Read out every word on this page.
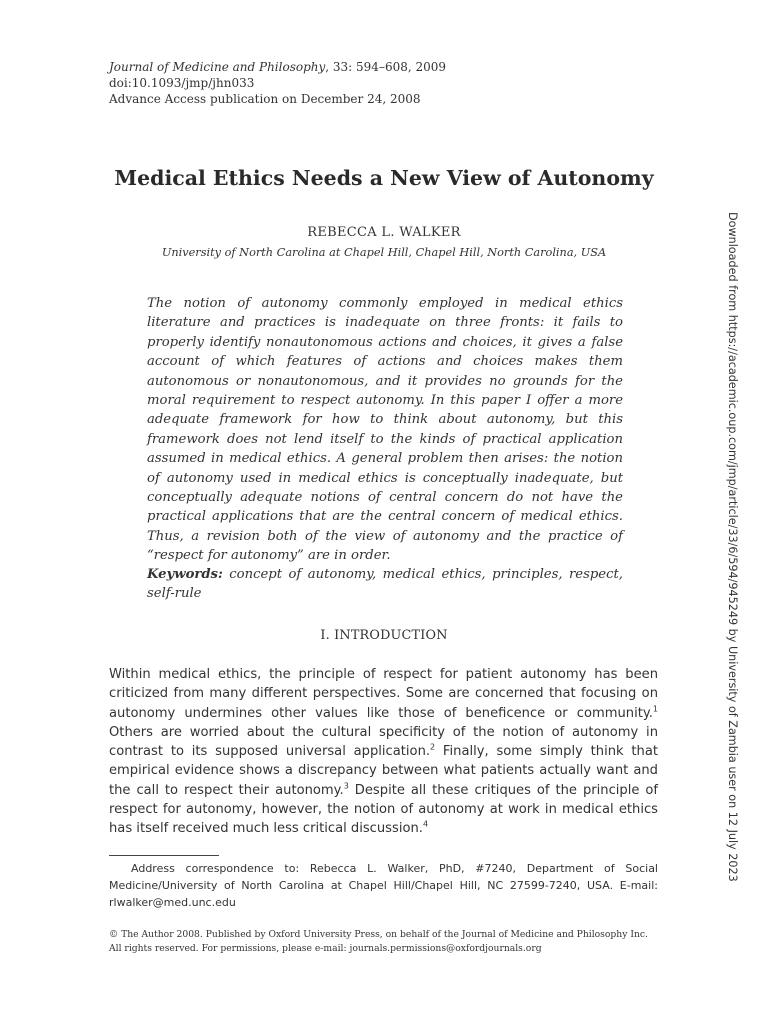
Journal of Medicine and Philosophy, 33: 594–608, 2009
doi:10.1093/jmp/jhn033
Advance Access publication on December 24, 2008
Medical Ethics Needs a New View of Autonomy
REBECCA L. WALKER
University of North Carolina at Chapel Hill, Chapel Hill, North Carolina, USA
The notion of autonomy commonly employed in medical ethics literature and practices is inadequate on three fronts: it fails to properly identify nonautonomous actions and choices, it gives a false account of which features of actions and choices makes them autonomous or nonautonomous, and it provides no grounds for the moral requirement to respect autonomy. In this paper I offer a more adequate framework for how to think about autonomy, but this framework does not lend itself to the kinds of practical application assumed in medical ethics. A general problem then arises: the notion of autonomy used in medical ethics is conceptually inadequate, but conceptually adequate notions of central concern do not have the practical applications that are the central concern of medical ethics. Thus, a revision both of the view of autonomy and the practice of “respect for autonomy” are in order.
Keywords: concept of autonomy, medical ethics, principles, respect, self-rule
I. INTRODUCTION
Within medical ethics, the principle of respect for patient autonomy has been criticized from many different perspectives. Some are concerned that focusing on autonomy undermines other values like those of beneficence or community.$^1$ Others are worried about the cultural specificity of the notion of autonomy in contrast to its supposed universal application.$^2$ Finally, some simply think that empirical evidence shows a discrepancy between what patients actually want and the call to respect their autonomy.$^3$ Despite all these critiques of the principle of respect for autonomy, however, the notion of autonomy at work in medical ethics has itself received much less critical discussion.$^4$
Address correspondence to: Rebecca L. Walker, PhD, #7240, Department of Social Medicine/University of North Carolina at Chapel Hill/Chapel Hill, NC 27599-7240, USA. E-mail: rlwalker@med.unc.edu
© The Author 2008. Published by Oxford University Press, on behalf of the Journal of Medicine and Philosophy Inc.
All rights reserved. For permissions, please e-mail: journals.permissions@oxfordjournals.org
Downloaded from https://academic.oup.com/jmp/article/33/6/594/945249 by University of Zambia user on 12 July 2023
